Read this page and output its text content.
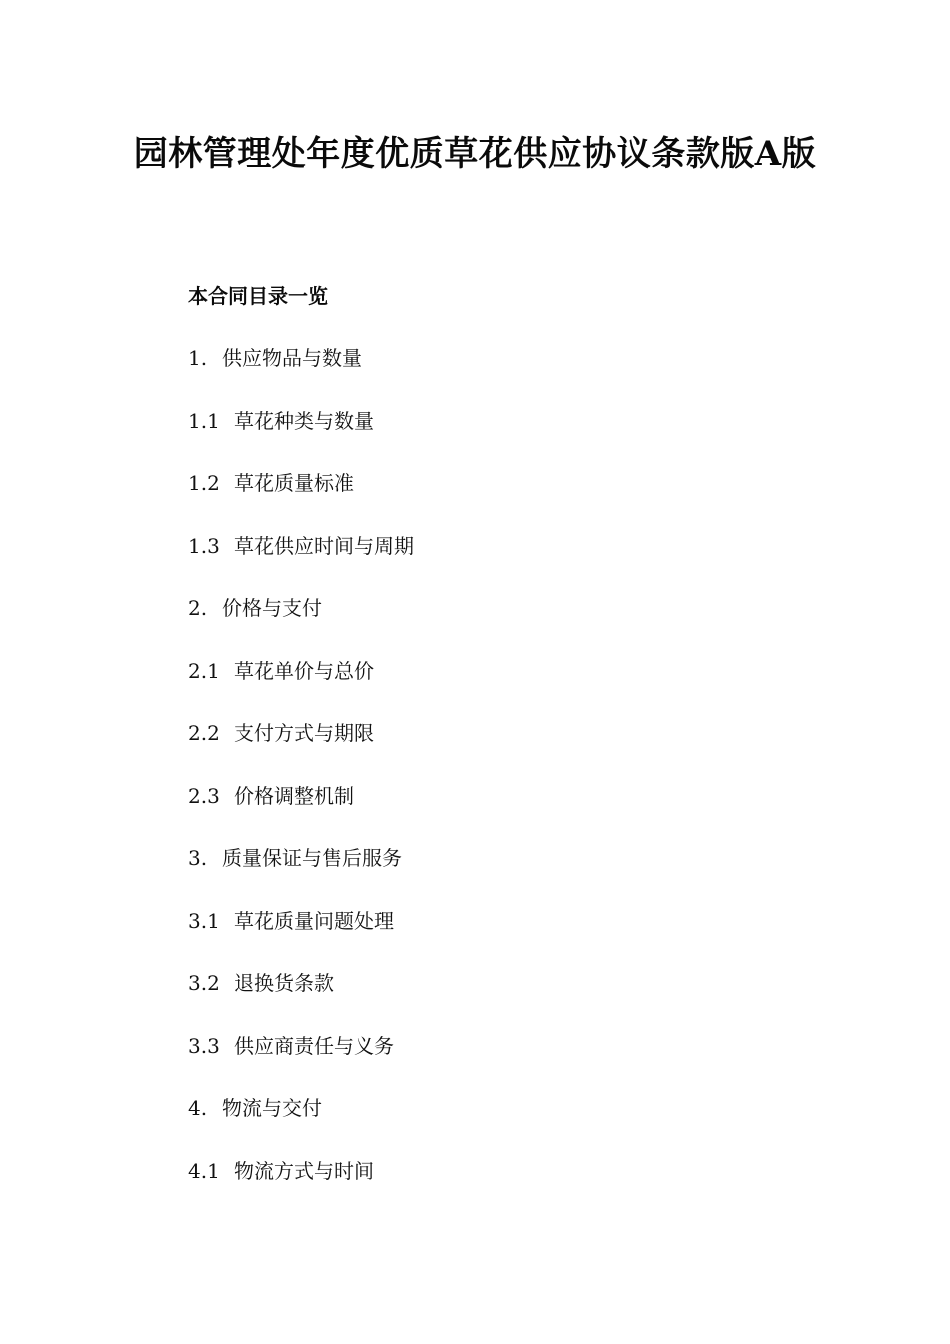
园林管理处年度优质草花供应协议条款版A版
本合同目录一览
1. 供应物品与数量
1.1 草花种类与数量
1.2 草花质量标准
1.3 草花供应时间与周期
2. 价格与支付
2.1 草花单价与总价
2.2 支付方式与期限
2.3 价格调整机制
3. 质量保证与售后服务
3.1 草花质量问题处理
3.2 退换货条款
3.3 供应商责任与义务
4. 物流与交付
4.1 物流方式与时间
